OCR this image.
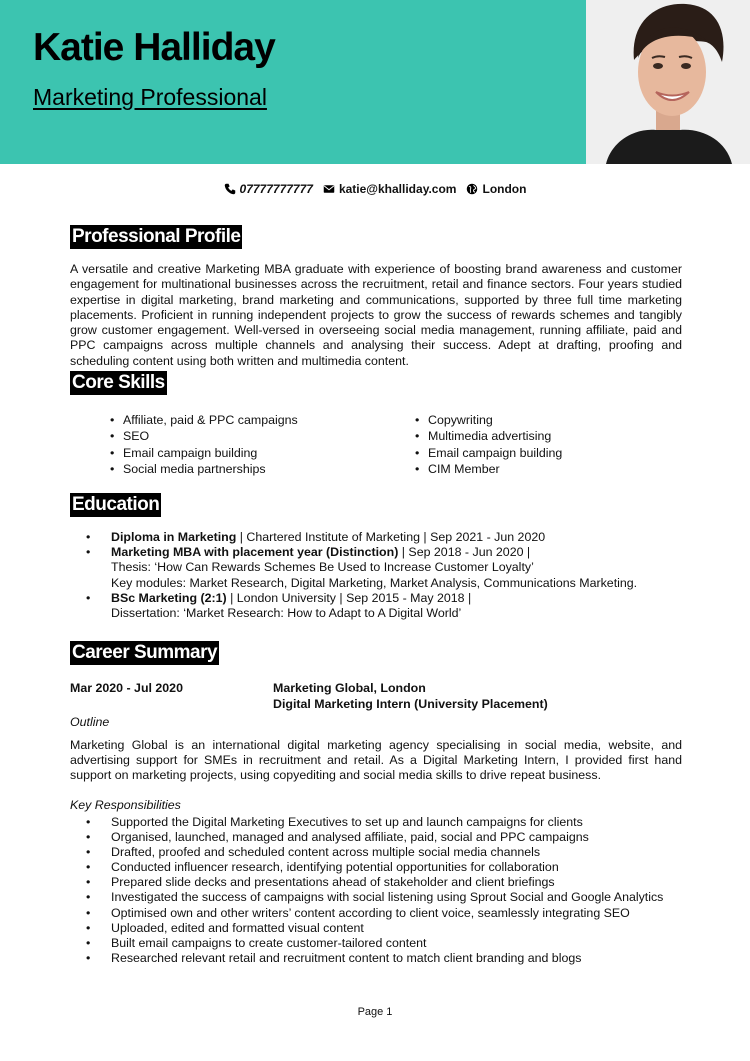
Katie Halliday
Marketing Professional
07777777777 katie@khalliday.com London
Professional Profile

A versatile and creative Marketing MBA graduate with experience of boosting brand awareness and customer engagement for multinational businesses across the recruitment, retail and finance sectors. Four years studied expertise in digital marketing, brand marketing and communications, supported by three full time marketing placements. Proficient in running independent projects to grow the success of rewards schemes and tangibly grow customer engagement. Well-versed in overseeing social media management, running affiliate, paid and PPC campaigns across multiple channels and analysing their success. Adept at drafting, proofing and scheduling content using both written and multimedia content.

Core Skills
• Affiliate, paid & PPC campaigns	• Copywriting
• SEO	• Multimedia advertising
• Email campaign building	• Email campaign building
• Social media partnerships	• CIM Member
Education
• Diploma in Marketing | Chartered Institute of Marketing | Sep 2021 - Jun 2020
• Marketing MBA with placement year (Distinction) | Sep 2018 - Jun 2020 |
Thesis: ‘How Can Rewards Schemes Be Used to Increase Customer Loyalty’
Key modules: Market Research, Digital Marketing, Market Analysis, Communications Marketing.
• BSc Marketing (2:1) | London University | Sep 2015 - May 2018 |
Dissertation: ‘Market Research: How to Adapt to A Digital World’
Career Summary
Mar 2020 - Jul 2020	Marketing Global, London
Digital Marketing Intern (University Placement)
Outline

Marketing Global is an international digital marketing agency specialising in social media, website, and advertising support for SMEs in recruitment and retail. As a Digital Marketing Intern, I provided first hand support on marketing projects, using copyediting and social media skills to drive repeat business.

Key Responsibilities
• Supported the Digital Marketing Executives to set up and launch campaigns for clients
• Organised, launched, managed and analysed affiliate, paid, social and PPC campaigns
• Drafted, proofed and scheduled content across multiple social media channels
• Conducted influencer research, identifying potential opportunities for collaboration
• Prepared slide decks and presentations ahead of stakeholder and client briefings
• Investigated the success of campaigns with social listening using Sprout Social and Google Analytics
• Optimised own and other writers’ content according to client voice, seamlessly integrating SEO
• Uploaded, edited and formatted visual content
• Built email campaigns to create customer-tailored content
• Researched relevant retail and recruitment content to match client branding and blogs
Page 1
